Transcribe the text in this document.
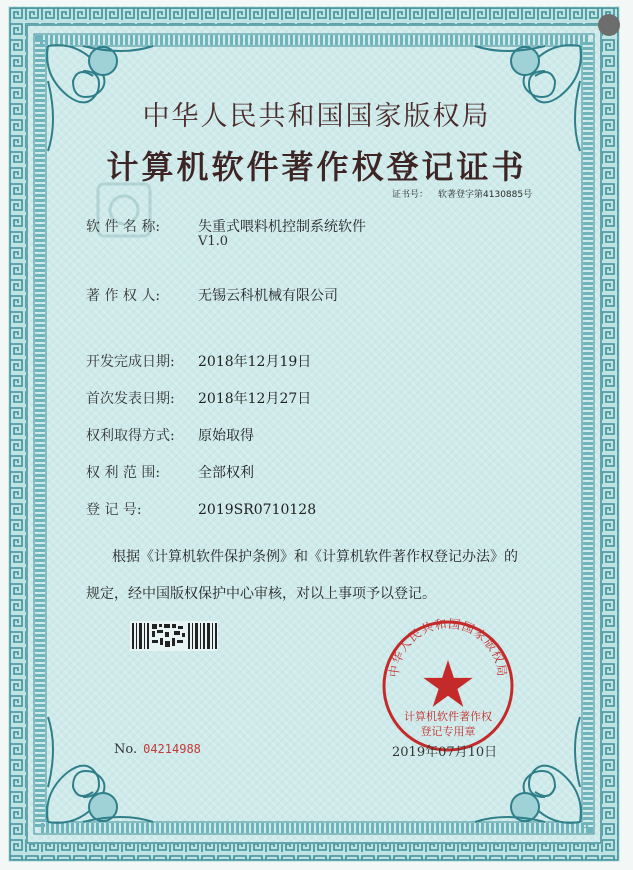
中华人民共和国国家版权局
计算机软件著作权登记证书
证书号： 软著登字第4130885号
软 件 名 称:	失重式喂料机控制系统软件
V1.0
著 作 权 人:	无锡云科机械有限公司
开发完成日期: 2018年12月19日
首次发表日期: 2018年12月27日
权利取得方式: 原始取得
权 利 范 围:	全部权利
登 记 号:	2019SR0710128
根据《计算机软件保护条例》和《计算机软件著作权登记办法》的
规定，经中国版权保护中心审核，对以上事项予以登记。
中华人民共和国国家版权局
计算机软件著作权
登记专用章
No. 04214988	2019年07月10日
